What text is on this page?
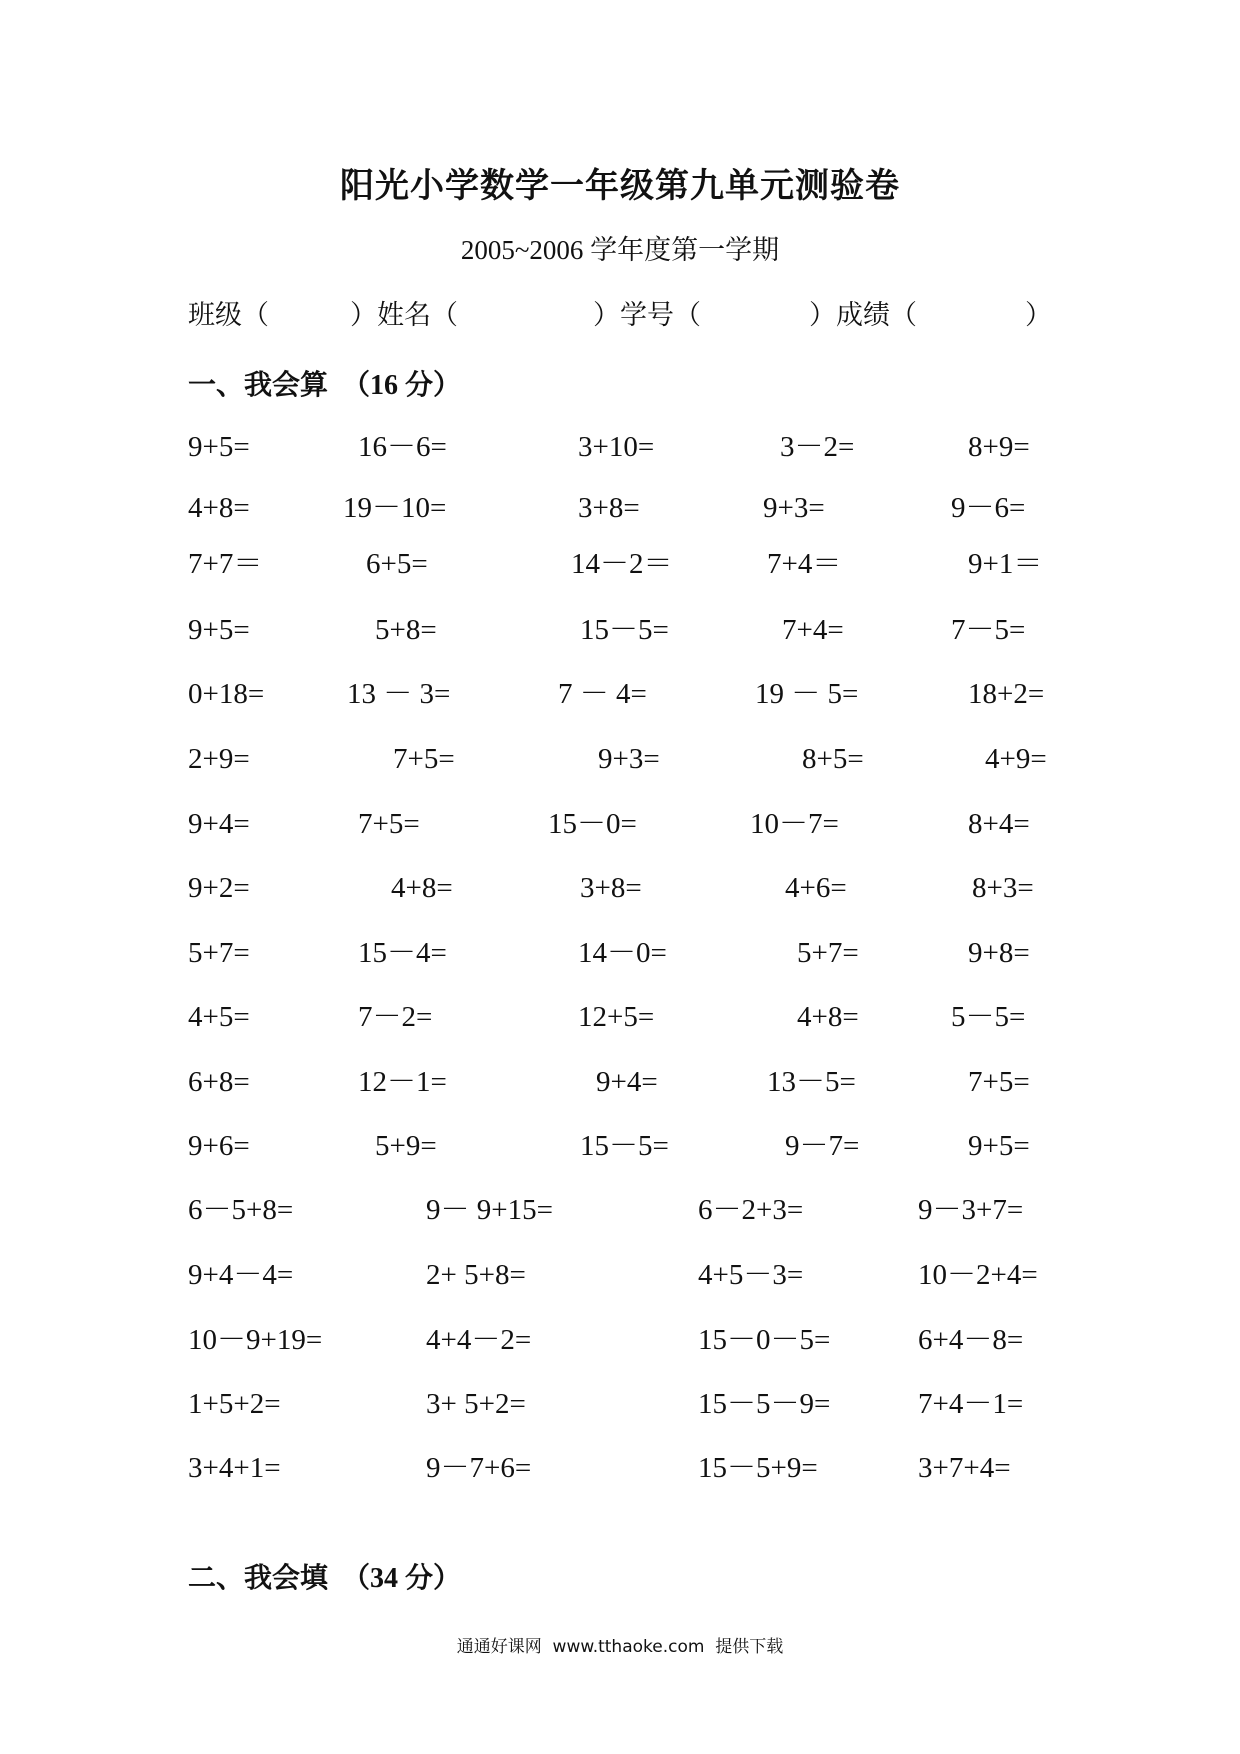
阳光小学数学一年级第九单元测验卷
2005~2006 学年度第一学期
班级（　　　）姓名（　　　　　）学号（　　　　）成绩（　　　　）
一、我会算　（16 分）
9+5=	16－6=	3+10=	3－2=	8+9=
4+8=	19－10=	3+8=	9+3=	9－6=
7+7＝	6+5=	14－2＝	7+4＝	9+1＝
9+5=	5+8=	15－5=	7+4=	7－5=
0+18=	13 － 3=	7 － 4=	19 － 5=	18+2=
2+9=	7+5=	9+3=	8+5=	4+9=
9+4=	7+5=	15－0=	10－7=	8+4=
9+2=	4+8=	3+8=	4+6=	8+3=
5+7=	15－4=	14－0=	5+7=	9+8=
4+5=	7－2=	12+5=	4+8=	5－5=
6+8=	12－1=	9+4=	13－5=	7+5=
9+6=	5+9=	15－5=	9－7=	9+5=
6－5+8=	9－ 9+15=	6－2+3=	9－3+7=
9+4－4=	2+ 5+8=	4+5－3=	10－2+4=
10－9+19=	4+4－2=	15－0－5=	6+4－8=
1+5+2=	3+ 5+2=	15－5－9=	7+4－1=
3+4+1=	9－7+6=	15－5+9=	3+7+4=
二、我会填　（34 分）
通通好课网  www.tthaoke.com  提供下载
